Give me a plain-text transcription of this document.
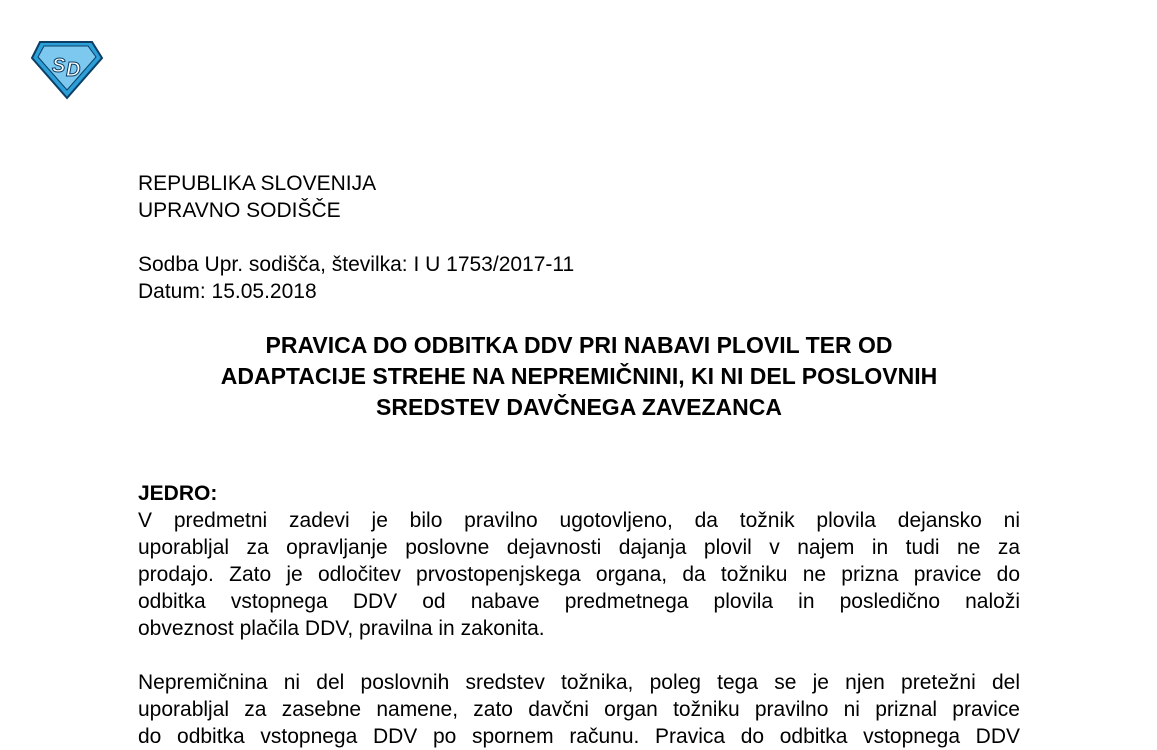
S D
REPUBLIKA SLOVENIJA
UPRAVNO SODIŠČE
Sodba Upr. sodišča, številka: I U 1753/2017-11
Datum: 15.05.2018
PRAVICA DO ODBITKA DDV PRI NABAVI PLOVIL TER OD
ADAPTACIJE STREHE NA NEPREMIČNINI, KI NI DEL POSLOVNIH
SREDSTEV DAVČNEGA ZAVEZANCA
JEDRO:
V predmetni zadevi je bilo pravilno ugotovljeno, da tožnik plovila dejansko ni
uporabljal za opravljanje poslovne dejavnosti dajanja plovil v najem in tudi ne za
prodajo. Zato je odločitev prvostopenjskega organa, da tožniku ne prizna pravice do
odbitka vstopnega DDV od nabave predmetnega plovila in posledično naloži
obveznost plačila DDV, pravilna in zakonita.
Nepremičnina ni del poslovnih sredstev tožnika, poleg tega se je njen pretežni del
uporabljal za zasebne namene, zato davčni organ tožniku pravilno ni priznal pravice
do odbitka vstopnega DDV po spornem računu. Pravica do odbitka vstopnega DDV
